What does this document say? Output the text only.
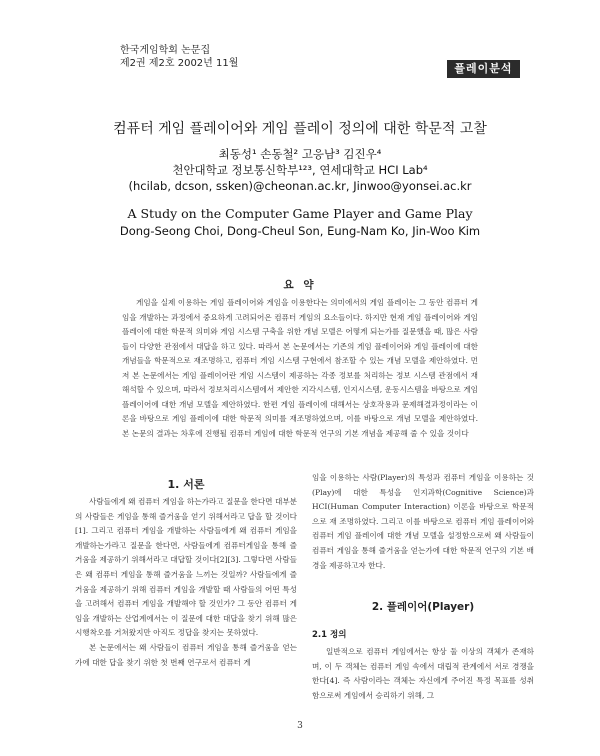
한국게임학회 논문집
제2권 제2호 2002년 11월	플레이분석
컴퓨터 게임 플레이어와 게임 플레이 정의에 대한 학문적 고찰
최동성¹ 손동철² 고응남³ 김진우⁴
천안대학교 정보통신학부¹²³, 연세대학교 HCI Lab⁴
(hcilab, dcson, ssken)@cheonan.ac.kr, Jinwoo@yonsei.ac.kr
A Study on the Computer Game Player and Game Play
Dong-Seong Choi, Dong-Cheul Son, Eung-Nam Ko, Jin-Woo Kim
요 약
게임을 실제 이용하는 게임 플레이어와 게임을 이용한다는 의미에서의 게임 플레이는 그 동안 컴퓨터 게임을 개발하는 과정에서 중요하게 고려되어온 컴퓨터 게임의 요소들이다. 하지만 현재 게임 플레이어와 게임 플레이에 대한 학문적 의미와 게임 시스템 구축을 위한 개념 모델은 어떻게 되는가를 질문했을 때, 많은 사람들이 다양한 관점에서 대답을 하고 있다. 따라서 본 논문에서는 기존의 게임 플레이어와 게임 플레이에 대한 개념들을 학문적으로 재조명하고, 컴퓨터 게임 시스템 구현에서 참조할 수 있는 개념 모델을 제안하였다. 먼저 본 논문에서는 게임 플레이어란 게임 시스템이 제공하는 각종 정보를 처리하는 정보 시스템 관점에서 재해석할 수 있으며, 따라서 정보처리시스템에서 제안한 지각시스템, 인지시스템, 운동시스템을 바탕으로 게임 플레이어에 대한 개념 모델을 제안하였다. 한편 게임 플레이에 대해서는 상호작용과 문제해결과정이라는 이론을 바탕으로 게임 플레이에 대한 학문적 의미를 재조명하였으며, 이를 바탕으로 개념 모델을 제안하였다. 본 논문의 결과는 차후에 진행될 컴퓨터 게임에 대한 학문적 연구의 기본 개념을 제공해 줄 수 있을 것이다
1. 서론

사람들에게 왜 컴퓨터 게임을 하는가라고 질문을 한다면 대부분의 사람들은 게임을 통해 즐거움을 얻기 위해서라고 답을 할 것이다[1]. 그리고 컴퓨터 게임을 개발하는 사람들에게 왜 컴퓨터 게임을 개발하는가라고 질문을 한다면, 사람들에게 컴퓨터게임을 통해 즐거움을 제공하기 위해서라고 대답할 것이다[2][3]. 그렇다면 사람들은 왜 컴퓨터 게임을 통해 즐거움을 느끼는 것일까? 사람들에게 즐거움을 제공하기 위해 컴퓨터 게임을 개발할 때 사람들의 어떤 특성을 고려해서 컴퓨터 게임을 개발해야 할 것인가? 그 동안 컴퓨터 게임을 개발하는 산업계에서는 이 질문에 대한 대답을 찾기 위해 많은 시행착오를 거쳐왔지만 아직도 정답을 찾지는 못하였다.

본 논문에서는 왜 사람들이 컴퓨터 게임을 통해 즐거움을 얻는가에 대한 답을 찾기 위한 첫 번째 연구로서 컴퓨터 게

임을 이용하는 사람(Player)의 특성과 컴퓨터 게임을 이용하는 것(Play)에 대한 특성을 인지과학(Cognitive Science)과 HCI(Human Computer Interaction) 이론을 바탕으로 학문적으로 재 조명하였다. 그리고 이를 바탕으로 컴퓨터 게임 플레이어와 컴퓨터 게임 플레이에 대한 개념 모델을 설정함으로써 왜 사람들이 컴퓨터 게임을 통해 즐거움을 얻는가에 대한 학문적 연구의 기본 배경을 제공하고자 한다.

2. 플레이어(Player)
2.1 정의

일반적으로 컴퓨터 게임에서는 항상 둘 이상의 객체가 존재하며, 이 두 객체는 컴퓨터 게임 속에서 대립적 관계에서 서로 경쟁을 한다[4]. 즉 사람이라는 객체는 자신에게 주어진 특정 목표를 성취함으로써 게임에서 승리하기 위해, 그

3
